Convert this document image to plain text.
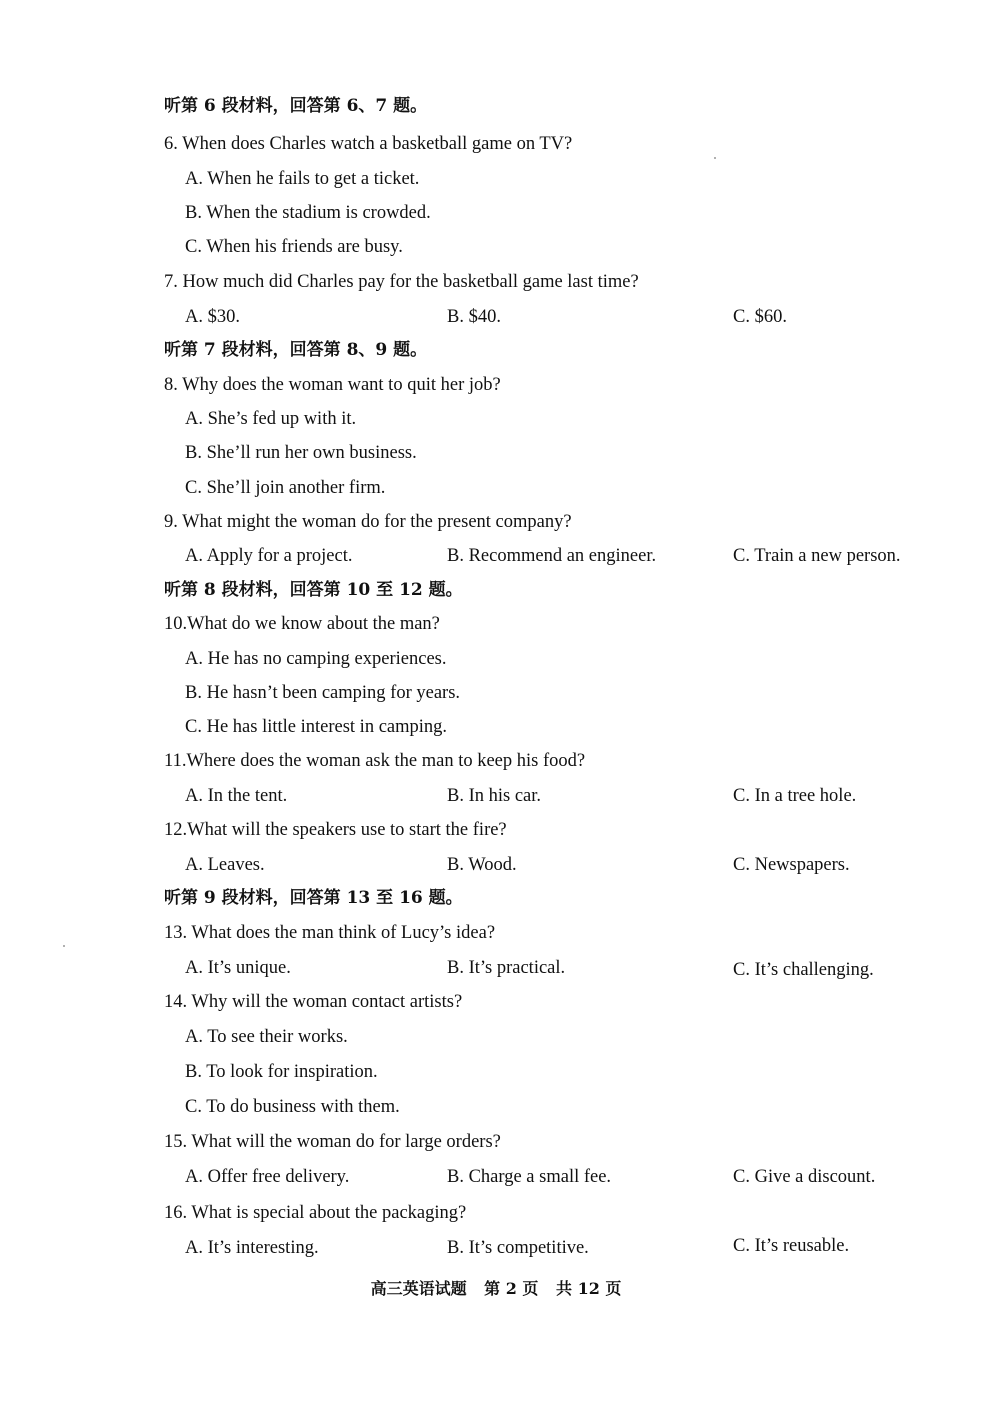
听第 6 段材料，回答第 6、7 题。
6. When does Charles watch a basketball game on TV?
A. When he fails to get a ticket.
B. When the stadium is crowded.
C. When his friends are busy.
7. How much did Charles pay for the basketball game last time?
A. $30.	B. $40.	C. $60.
听第 7 段材料，回答第 8、9 题。
8. Why does the woman want to quit her job?
A. She’s fed up with it.
B. She’ll run her own business.
C. She’ll join another firm.
9. What might the woman do for the present company?
A. Apply for a project.	B. Recommend an engineer.	C. Train a new person.
听第 8 段材料，回答第 10 至 12 题。
10.What do we know about the man?
A. He has no camping experiences.
B. He hasn’t been camping for years.
C. He has little interest in camping.
11.Where does the woman ask the man to keep his food?
A. In the tent.	B. In his car.	C. In a tree hole.
12.What will the speakers use to start the fire?
A. Leaves.	B. Wood.	C. Newspapers.
听第 9 段材料，回答第 13 至 16 题。
13. What does the man think of Lucy’s idea?
A. It’s unique.	B. It’s practical.	C. It’s challenging.
14. Why will the woman contact artists?
A. To see their works.
B. To look for inspiration.
C. To do business with them.
15. What will the woman do for large orders?
A. Offer free delivery.	B. Charge a small fee.	C. Give a discount.
16. What is special about the packaging?
A. It’s interesting.	B. It’s competitive.	C. It’s reusable.
高三英语试题 第 2 页 共 12 页
